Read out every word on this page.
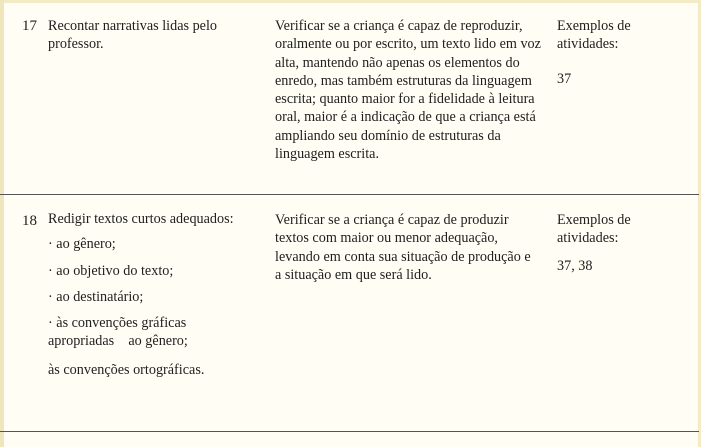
17 Recontar narrativas lidas pelo professor.
Verificar se a criança é capaz de reproduzir, oralmente ou por escrito, um texto lido em voz alta, mantendo não apenas os elementos do enredo, mas também estruturas da linguagem escrita; quanto maior for a fidelidade à leitura oral, maior é a indicação de que a criança está ampliando seu domínio de estruturas da linguagem escrita.
Exemplos de atividades:
37
18 Redigir textos curtos adequados:
· ao gênero;
· ao objetivo do texto;
· ao destinatário;
· às convenções gráficas apropriadas    ao gênero;
às convenções ortográficas.
Verificar se a criança é capaz de produzir textos com maior ou menor adequação, levando em conta sua situação de produção e a situação em que será lido.
Exemplos de atividades:
37, 38
